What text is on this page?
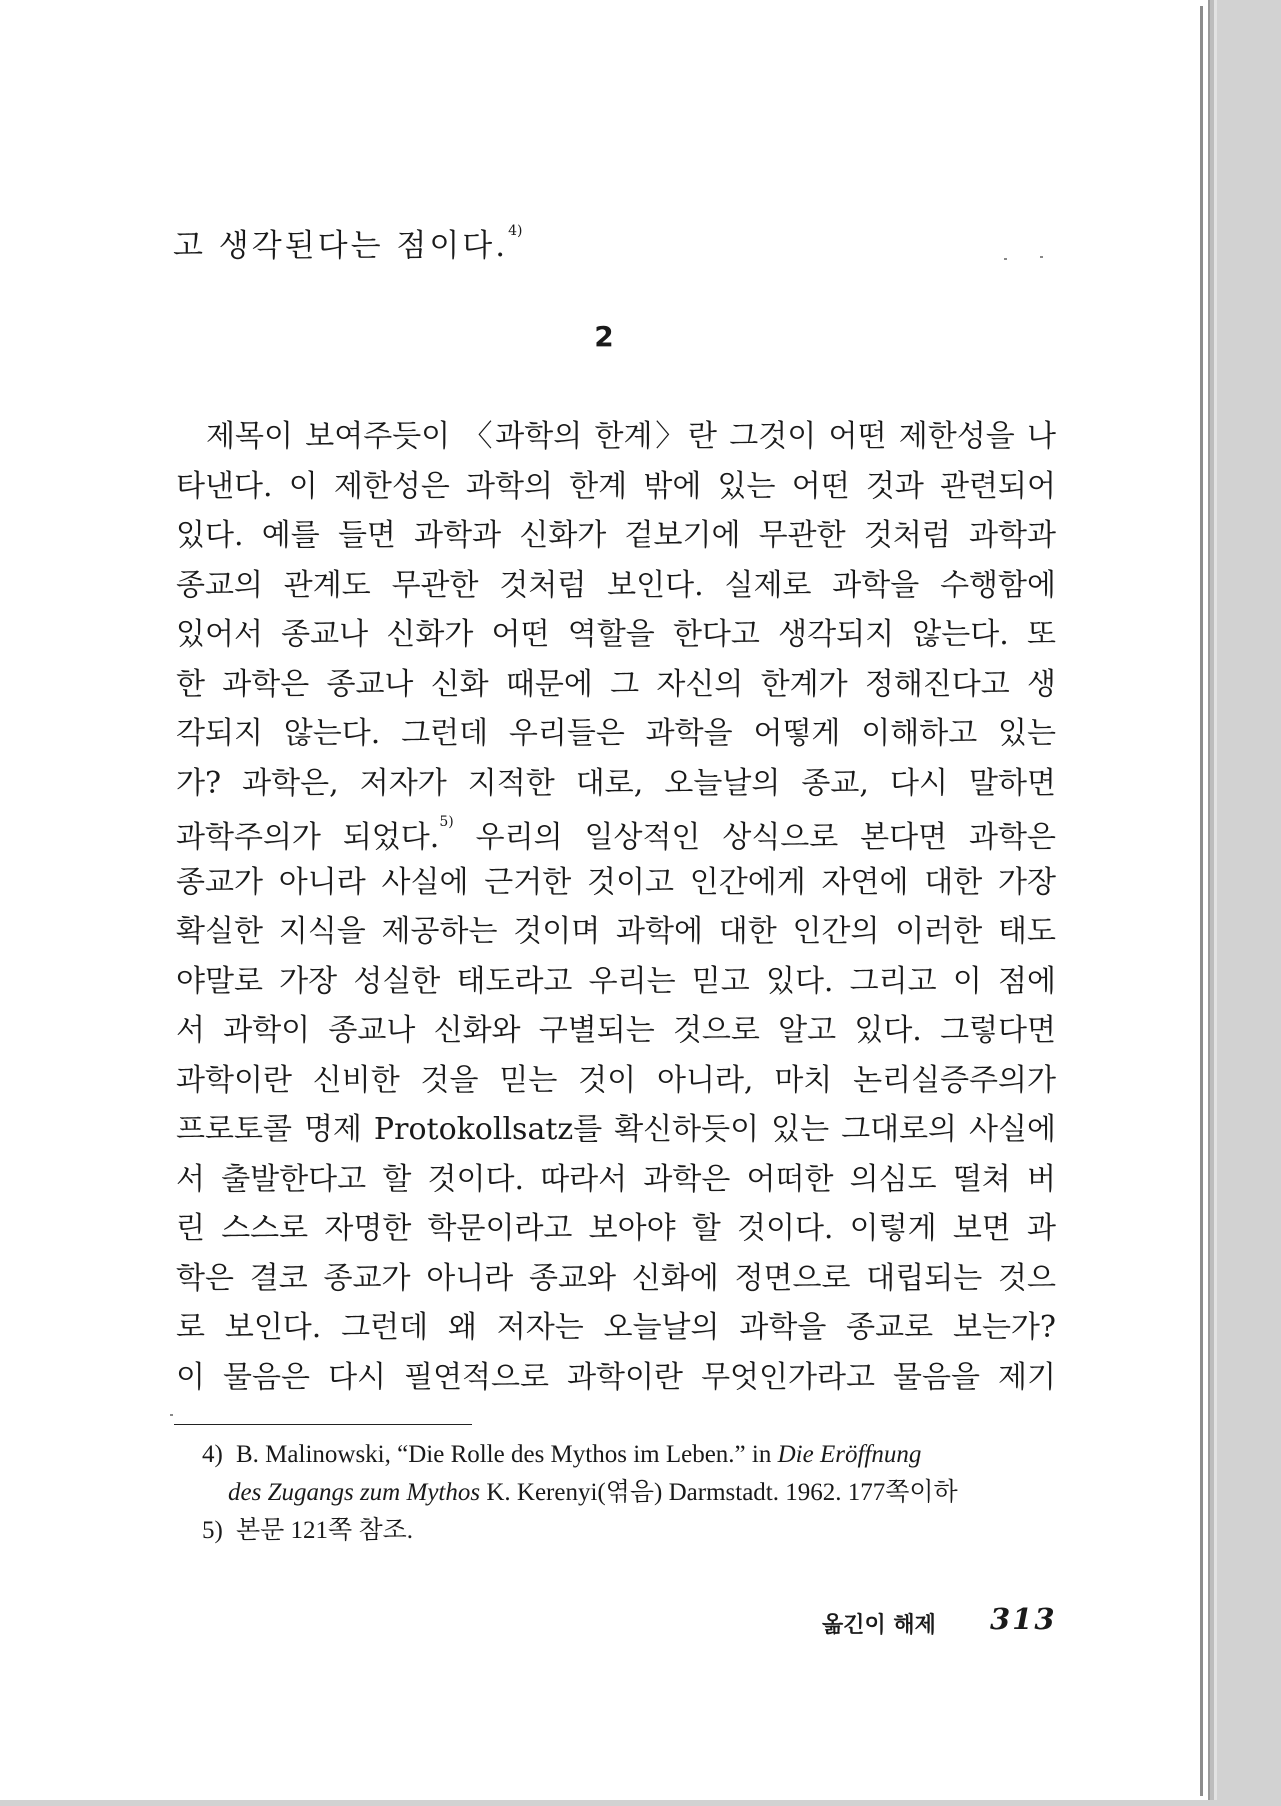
고 생각된다는 점이다.$^{4)}$
2
제목이 보여주듯이 〈과학의 한계〉란 그것이 어떤 제한성을 나
타낸다. 이 제한성은 과학의 한계 밖에 있는 어떤 것과 관련되어
있다. 예를 들면 과학과 신화가 겉보기에 무관한 것처럼 과학과
종교의 관계도 무관한 것처럼 보인다. 실제로 과학을 수행함에
있어서 종교나 신화가 어떤 역할을 한다고 생각되지 않는다. 또
한 과학은 종교나 신화 때문에 그 자신의 한계가 정해진다고 생
각되지 않는다. 그런데 우리들은 과학을 어떻게 이해하고 있는
가? 과학은, 저자가 지적한 대로, 오늘날의 종교, 다시 말하면
과학주의가 되었다.$^{5)}$ 우리의 일상적인 상식으로 본다면 과학은
종교가 아니라 사실에 근거한 것이고 인간에게 자연에 대한 가장
확실한 지식을 제공하는 것이며 과학에 대한 인간의 이러한 태도
야말로 가장 성실한 태도라고 우리는 믿고 있다. 그리고 이 점에
서 과학이 종교나 신화와 구별되는 것으로 알고 있다. 그렇다면
과학이란 신비한 것을 믿는 것이 아니라, 마치 논리실증주의가
프로토콜 명제 Protokollsatz를 확신하듯이 있는 그대로의 사실에
서 출발한다고 할 것이다. 따라서 과학은 어떠한 의심도 떨쳐 버
린 스스로 자명한 학문이라고 보아야 할 것이다. 이렇게 보면 과
학은 결코 종교가 아니라 종교와 신화에 정면으로 대립되는 것으
로 보인다. 그런데 왜 저자는 오늘날의 과학을 종교로 보는가?
이 물음은 다시 필연적으로 과학이란 무엇인가라고 물음을 제기
4) B. Malinowski, “Die Rolle des Mythos im Leben.” in Die Eröffnung
des Zugangs zum Mythos K. Kerenyi(엮음) Darmstadt. 1962. 177쪽이하
5) 본문 121쪽 참조.
옮긴이 해제 313
